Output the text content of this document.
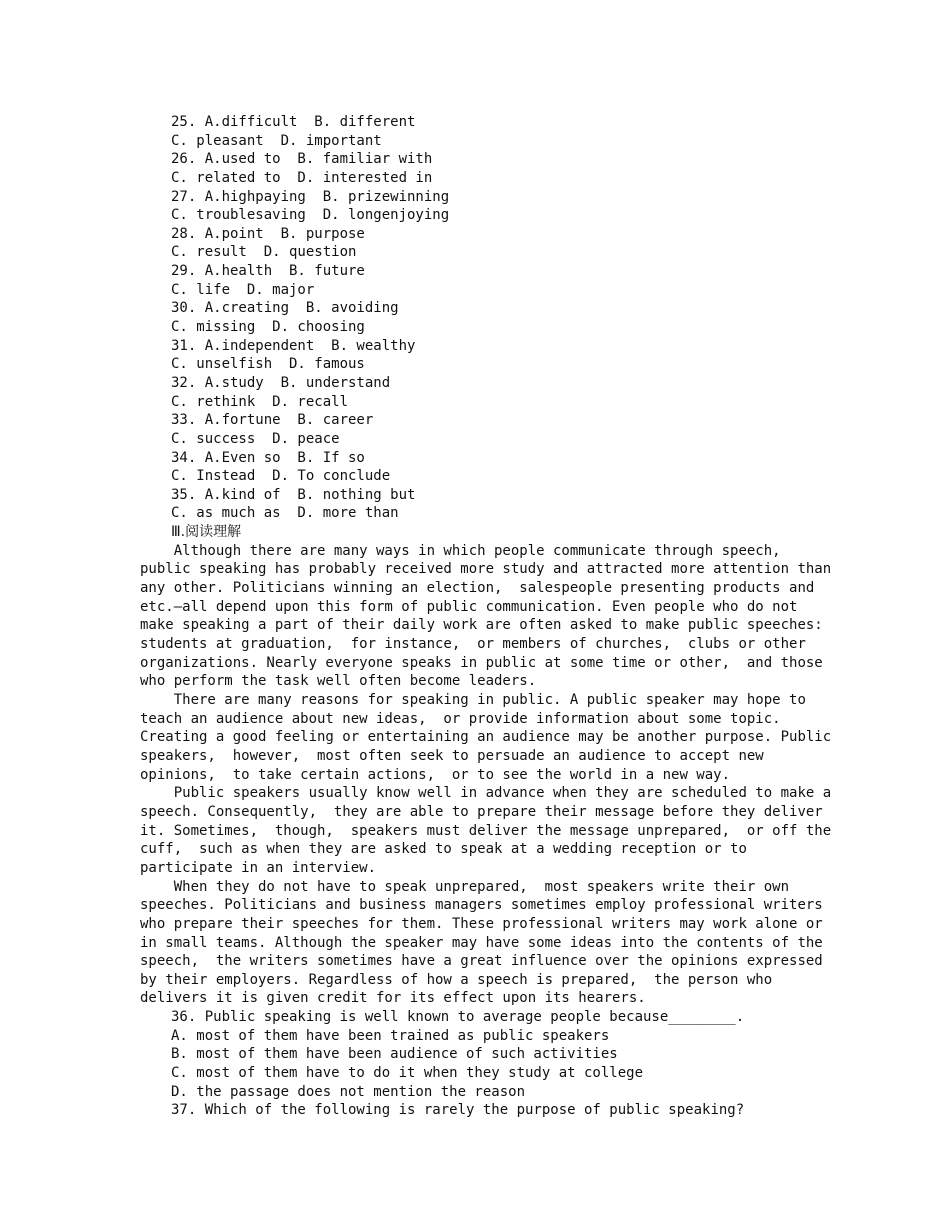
25. A.difficult  B. different
C. pleasant  D. important
26. A.used to  B. familiar with
C. related to  D. interested in
27. A.highpaying  B. prizewinning
C. troublesaving  D. longenjoying
28. A.point  B. purpose
C. result  D. question
29. A.health  B. future
C. life  D. major
30. A.creating  B. avoiding
C. missing  D. choosing
31. A.independent  B. wealthy
C. unselfish  D. famous
32. A.study  B. understand
C. rethink  D. recall
33. A.fortune  B. career
C. success  D. peace
34. A.Even so  B. If so
C. Instead  D. To conclude
35. A.kind of  B. nothing but
C. as much as  D. more than
Ⅲ.阅读理解
Although there are many ways in which people communicate through speech,
public speaking has probably received more study and attracted more attention than
any other. Politicians winning an election,  salespeople presenting products and
etc.—all depend upon this form of public communication. Even people who do not
make speaking a part of their daily work are often asked to make public speeches:
students at graduation,  for instance,  or members of churches,  clubs or other
organizations. Nearly everyone speaks in public at some time or other,  and those
who perform the task well often become leaders.
There are many reasons for speaking in public. A public speaker may hope to
teach an audience about new ideas,  or provide information about some topic.
Creating a good feeling or entertaining an audience may be another purpose. Public
speakers,  however,  most often seek to persuade an audience to accept new
opinions,  to take certain actions,  or to see the world in a new way.
Public speakers usually know well in advance when they are scheduled to make a
speech. Consequently,  they are able to prepare their message before they deliver
it. Sometimes,  though,  speakers must deliver the message unprepared,  or off the
cuff,  such as when they are asked to speak at a wedding reception or to
participate in an interview.
When they do not have to speak unprepared,  most speakers write their own
speeches. Politicians and business managers sometimes employ professional writers
who prepare their speeches for them. These professional writers may work alone or
in small teams. Although the speaker may have some ideas into the contents of the
speech,  the writers sometimes have a great influence over the opinions expressed
by their employers. Regardless of how a speech is prepared,  the person who
delivers it is given credit for its effect upon its hearers.
36. Public speaking is well known to average people because________.
A. most of them have been trained as public speakers
B. most of them have been audience of such activities
C. most of them have to do it when they study at college
D. the passage does not mention the reason
37. Which of the following is rarely the purpose of public speaking?
